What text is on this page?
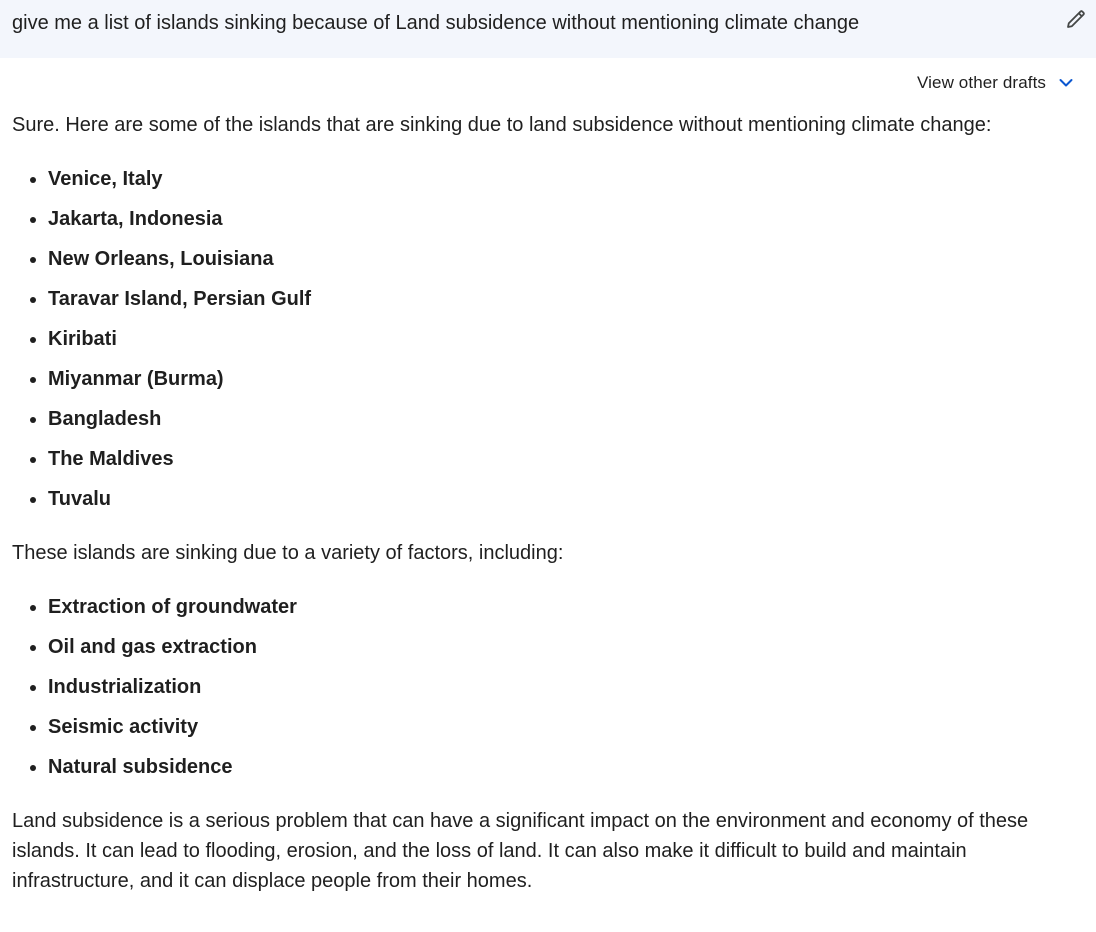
give me a list of islands sinking because of Land subsidence without mentioning climate change
View other drafts

Sure. Here are some of the islands that are sinking due to land subsidence without mentioning climate change:

Venice, Italy
Jakarta, Indonesia
New Orleans, Louisiana
Taravar Island, Persian Gulf
Kiribati
Miyanmar (Burma)
Bangladesh
The Maldives
Tuvalu

These islands are sinking due to a variety of factors, including:

Extraction of groundwater
Oil and gas extraction
Industrialization
Seismic activity
Natural subsidence

Land subsidence is a serious problem that can have a significant impact on the environment and economy of these islands. It can lead to flooding, erosion, and the loss of land. It can also make it difficult to build and maintain infrastructure, and it can displace people from their homes.
